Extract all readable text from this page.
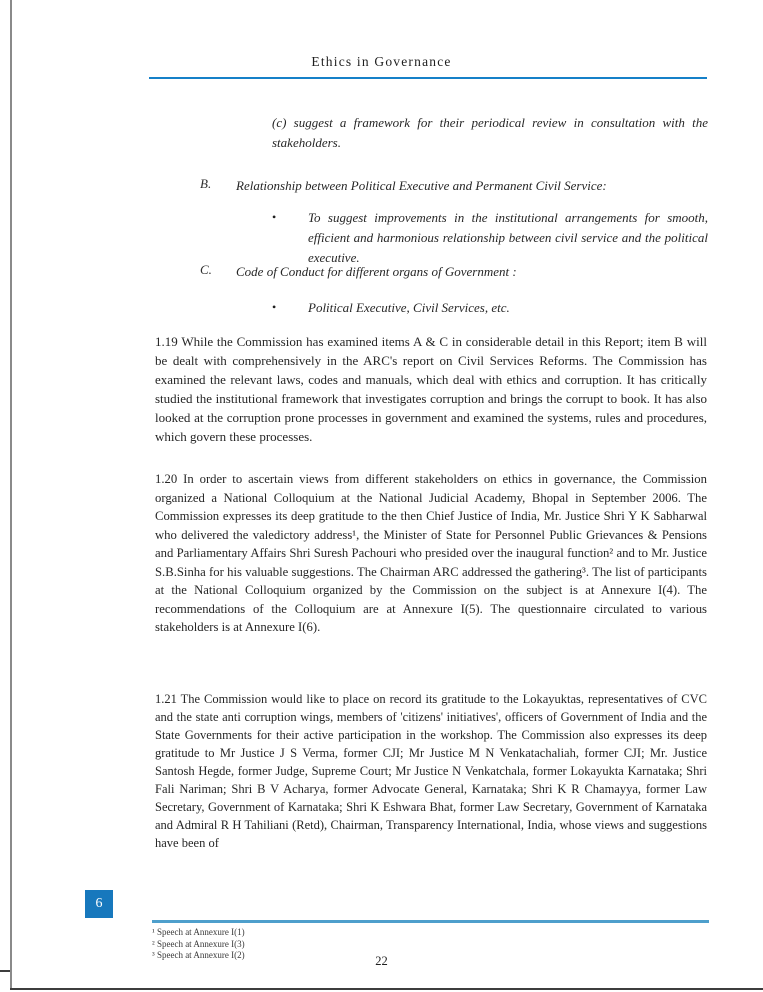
Ethics in Governance
(c) suggest a framework for their periodical review in consultation with the stakeholders.
B.	Relationship between Political Executive and Permanent Civil Service:
•	To suggest improvements in the institutional arrangements for smooth, efficient and harmonious relationship between civil service and the political executive.
C.	Code of Conduct for different organs of Government :
•	Political Executive, Civil Services, etc.
1.19 While the Commission has examined items A & C in considerable detail in this Report; item B will be dealt with comprehensively in the ARC's report on Civil Services Reforms. The Commission has examined the relevant laws, codes and manuals, which deal with ethics and corruption. It has critically studied the institutional framework that investigates corruption and brings the corrupt to book. It has also looked at the corruption prone processes in government and examined the systems, rules and procedures, which govern these processes.
1.20 In order to ascertain views from different stakeholders on ethics in governance, the Commission organized a National Colloquium at the National Judicial Academy, Bhopal in September 2006. The Commission expresses its deep gratitude to the then Chief Justice of India, Mr. Justice Shri Y K Sabharwal who delivered the valedictory address¹, the Minister of State for Personnel Public Grievances & Pensions and Parliamentary Affairs Shri Suresh Pachouri who presided over the inaugural function² and to Mr. Justice S.B.Sinha for his valuable suggestions. The Chairman ARC addressed the gathering³. The list of participants at the National Colloquium organized by the Commission on the subject is at Annexure I(4). The recommendations of the Colloquium are at Annexure I(5). The questionnaire circulated to various stakeholders is at Annexure I(6).
1.21 The Commission would like to place on record its gratitude to the Lokayuktas, representatives of CVC and the state anti corruption wings, members of 'citizens' initiatives', officers of Government of India and the State Governments for their active participation in the workshop. The Commission also expresses its deep gratitude to Mr Justice J S Verma, former CJI; Mr Justice M N Venkatachaliah, former CJI; Mr. Justice Santosh Hegde, former Judge, Supreme Court; Mr Justice N Venkatchala, former Lokayukta Karnataka; Shri Fali Nariman; Shri B V Acharya, former Advocate General, Karnataka; Shri K R Chamayya, former Law Secretary, Government of Karnataka; Shri K Eshwara Bhat, former Law Secretary, Government of Karnataka and Admiral R H Tahiliani (Retd), Chairman, Transparency International, India, whose views and suggestions have been of
6
¹ Speech at Annexure I(1)
² Speech at Annexure I(3)
³ Speech at Annexure I(2)	22
